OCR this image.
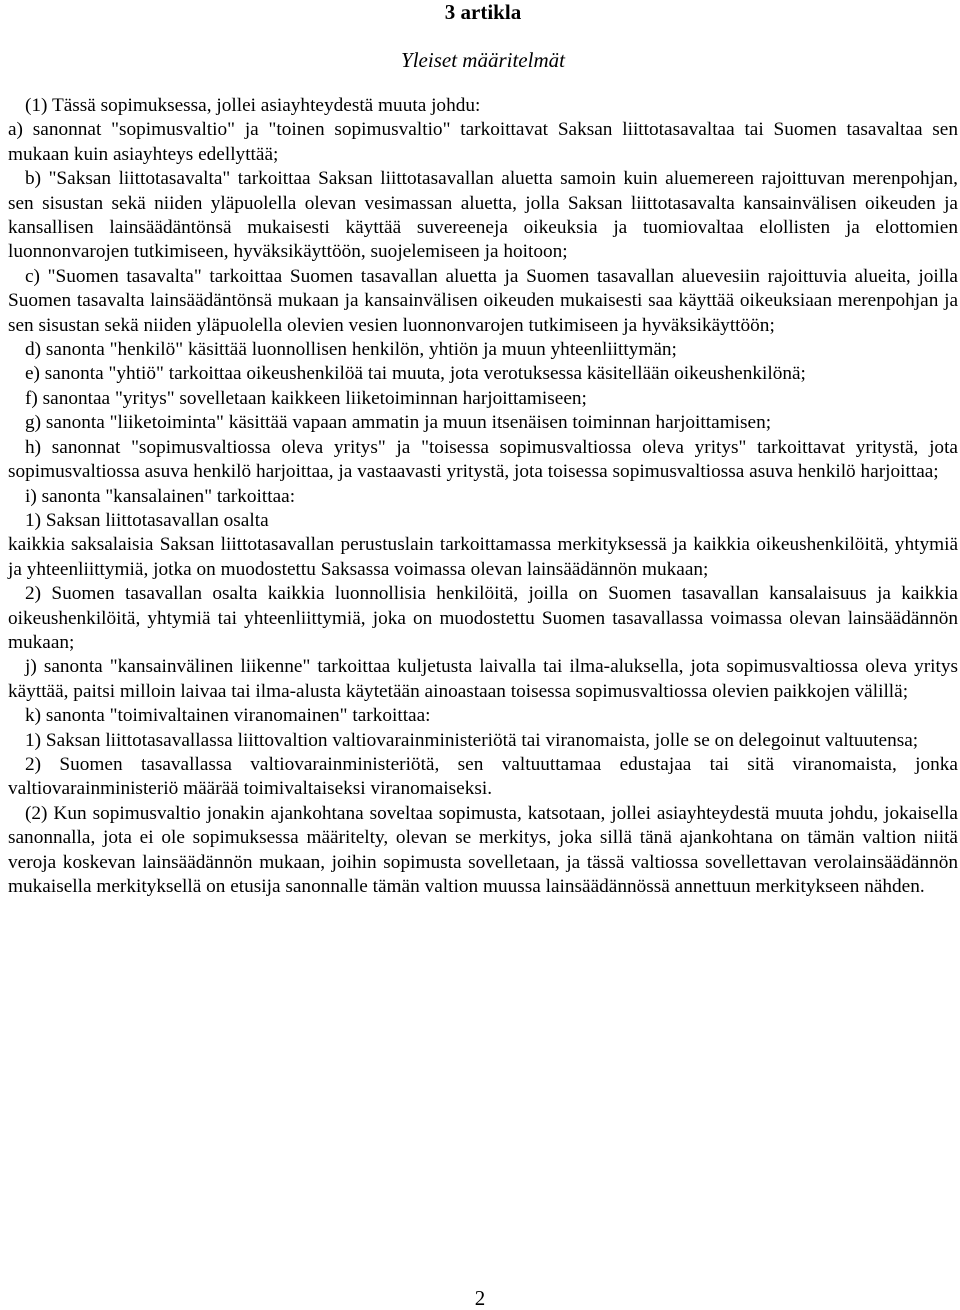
3 artikla
Yleiset määritelmät

(1) Tässä sopimuksessa, jollei asiayhteydestä muuta johdu:

a) sanonnat "sopimusvaltio" ja "toinen sopimusvaltio" tarkoittavat Saksan liittotasavaltaa tai Suomen tasavaltaa sen mukaan kuin asiayhteys edellyttää;

b) "Saksan liittotasavalta" tarkoittaa Saksan liittotasavallan aluetta samoin kuin aluemereen rajoittuvan merenpohjan, sen sisustan sekä niiden yläpuolella olevan vesimassan aluetta, jolla Saksan liittotasavalta kansainvälisen oikeuden ja kansallisen lainsäädäntönsä mukaisesti käyttää suvereeneja oikeuksia ja tuomiovaltaa elollisten ja elottomien luonnonvarojen tutkimiseen, hyväksikäyttöön, suojelemiseen ja hoitoon;

c) "Suomen tasavalta" tarkoittaa Suomen tasavallan aluetta ja Suomen tasavallan aluevesiin rajoittuvia alueita, joilla Suomen tasavalta lainsäädäntönsä mukaan ja kansainvälisen oikeuden mukaisesti saa käyttää oikeuksiaan merenpohjan ja sen sisustan sekä niiden yläpuolella olevien vesien luonnonvarojen tutkimiseen ja hyväksikäyttöön;

d) sanonta "henkilö" käsittää luonnollisen henkilön, yhtiön ja muun yhteenliittymän;

e) sanonta "yhtiö" tarkoittaa oikeushenkilöä tai muuta, jota verotuksessa käsitellään oikeushenkilönä;

f) sanontaa "yritys" sovelletaan kaikkeen liiketoiminnan harjoittamiseen;

g) sanonta "liiketoiminta" käsittää vapaan ammatin ja muun itsenäisen toiminnan harjoittamisen;

h) sanonnat "sopimusvaltiossa oleva yritys" ja "toisessa sopimusvaltiossa oleva yritys" tarkoittavat yritystä, jota sopimusvaltiossa asuva henkilö harjoittaa, ja vastaavasti yritystä, jota toisessa sopimusvaltiossa asuva henkilö harjoittaa;

i) sanonta "kansalainen" tarkoittaa:

1) Saksan liittotasavallan osalta

kaikkia saksalaisia Saksan liittotasavallan perustuslain tarkoittamassa merkityksessä ja kaikkia oikeushenkilöitä, yhtymiä ja yhteenliittymiä, jotka on muodostettu Saksassa voimassa olevan lainsäädännön mukaan;

2) Suomen tasavallan osalta kaikkia luonnollisia henkilöitä, joilla on Suomen tasavallan kansalaisuus ja kaikkia oikeushenkilöitä, yhtymiä tai yhteenliittymiä, joka on muodostettu Suomen tasavallassa voimassa olevan lainsäädännön mukaan;

j) sanonta "kansainvälinen liikenne" tarkoittaa kuljetusta laivalla tai ilma-aluksella, jota sopimusvaltiossa oleva yritys käyttää, paitsi milloin laivaa tai ilma-alusta käytetään ainoastaan toisessa sopimusvaltiossa olevien paikkojen välillä;

k) sanonta "toimivaltainen viranomainen" tarkoittaa:

1) Saksan liittotasavallassa liittovaltion valtiovarainministeriötä tai viranomaista, jolle se on delegoinut valtuutensa;

2) Suomen tasavallassa valtiovarainministeriötä, sen valtuuttamaa edustajaa tai sitä viranomaista, jonka valtiovarainministeriö määrää toimivaltaiseksi viranomaiseksi.

(2) Kun sopimusvaltio jonakin ajankohtana soveltaa sopimusta, katsotaan, jollei asiayhteydestä muuta johdu, jokaisella sanonnalla, jota ei ole sopimuksessa määritelty, olevan se merkitys, joka sillä tänä ajankohtana on tämän valtion niitä veroja koskevan lainsäädännön mukaan, joihin sopimusta sovelletaan, ja tässä valtiossa sovellettavan verolainsäädännön mukaisella merkityksellä on etusija sanonnalle tämän valtion muussa lainsäädännössä annettuun merkitykseen nähden.

2
